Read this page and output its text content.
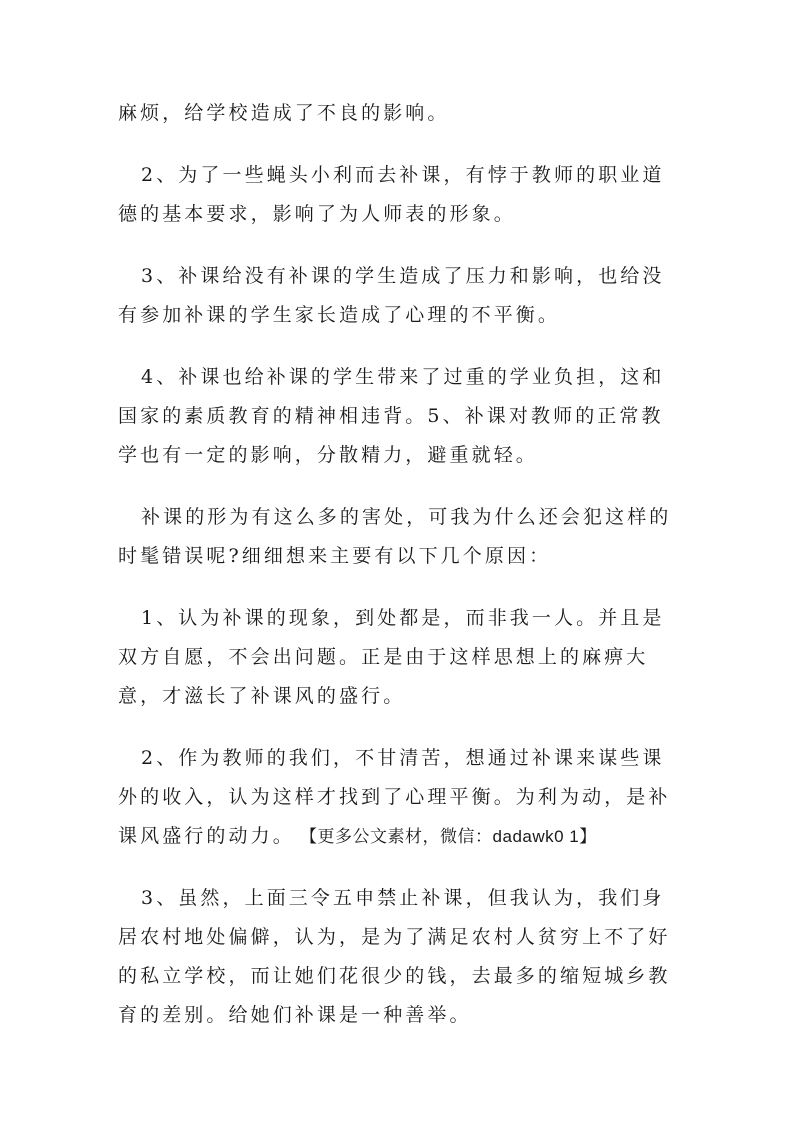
麻烦，给学校造成了不良的影响。

2、为了一些蝇头小利而去补课，有悖于教师的职业道德的基本要求，影响了为人师表的形象。

3、补课给没有补课的学生造成了压力和影响，也给没有参加补课的学生家长造成了心理的不平衡。

4、补课也给补课的学生带来了过重的学业负担，这和国家的素质教育的精神相违背。5、补课对教师的正常教学也有一定的影响，分散精力，避重就轻。

补课的形为有这么多的害处，可我为什么还会犯这样的时髦错误呢?细细想来主要有以下几个原因：

1、认为补课的现象，到处都是，而非我一人。并且是双方自愿，不会出问题。正是由于这样思想上的麻痹大意，才滋长了补课风的盛行。

2、作为教师的我们，不甘清苦，想通过补课来谋些课外的收入，认为这样才找到了心理平衡。为利为动，是补课风盛行的动力。 【更多公文素材，微信：dadawk0 1】

3、虽然，上面三令五申禁止补课，但我认为，我们身居农村地处偏僻，认为，是为了满足农村人贫穷上不了好的私立学校，而让她们花很少的钱，去最多的缩短城乡教育的差别。给她们补课是一种善举。
